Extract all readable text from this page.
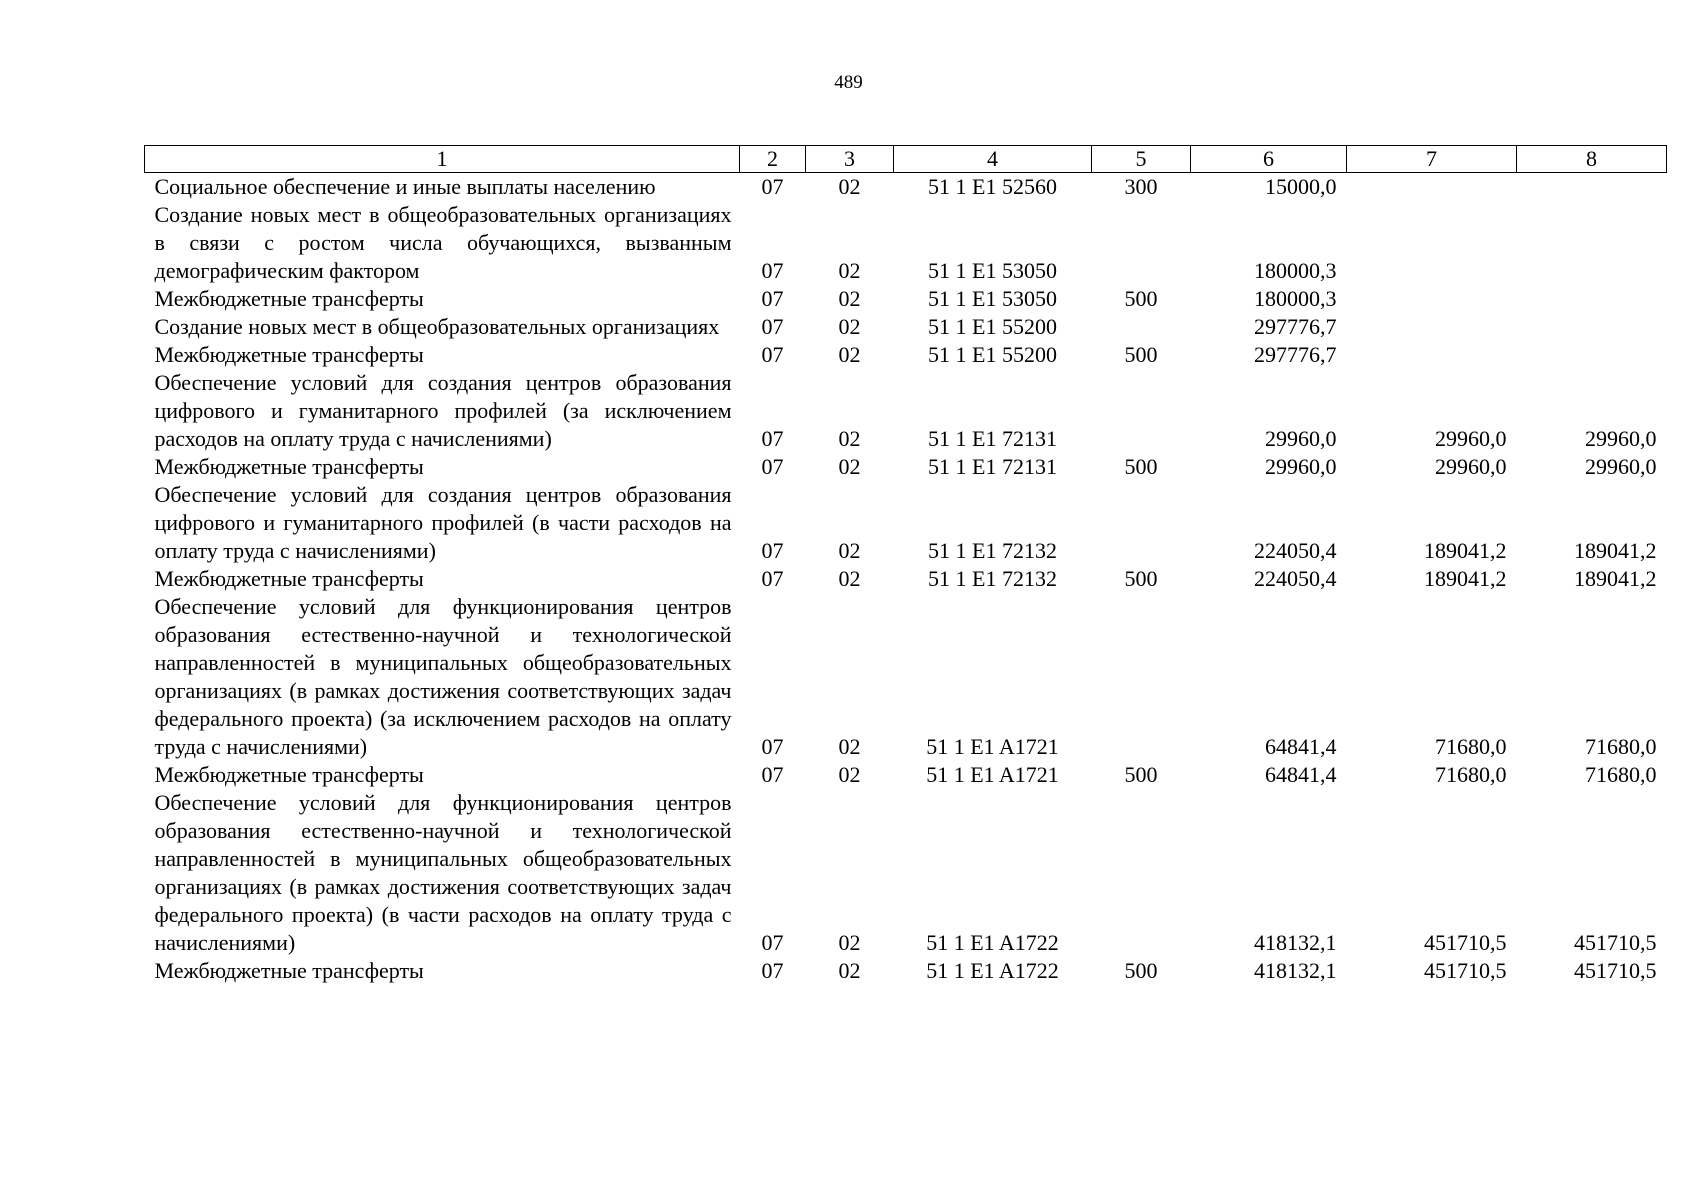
489
1	2	3	4	5	6	7	8
Социальное обеспечение и иные выплаты населению	07	02	51 1 E1 52560	300	15000,0		
Создание новых мест в общеобразовательных организациях в связи с ростом числа обучающихся, вызванным демографическим фактором	07	02	51 1 E1 53050		180000,3		
Межбюджетные трансферты	07	02	51 1 E1 53050	500	180000,3		
Создание новых мест в общеобразовательных организациях	07	02	51 1 E1 55200		297776,7		
Межбюджетные трансферты	07	02	51 1 E1 55200	500	297776,7		
Обеспечение условий для создания центров образования цифрового и гуманитарного профилей (за исключением расходов на оплату труда с начислениями)	07	02	51 1 E1 72131		29960,0	29960,0	29960,0
Межбюджетные трансферты	07	02	51 1 E1 72131	500	29960,0	29960,0	29960,0
Обеспечение условий для создания центров образования цифрового и гуманитарного профилей (в части расходов на оплату труда с начислениями)	07	02	51 1 E1 72132		224050,4	189041,2	189041,2
Межбюджетные трансферты	07	02	51 1 E1 72132	500	224050,4	189041,2	189041,2
Обеспечение условий для функционирования центров образования естественно-научной и технологической направленностей в муниципальных общеобразовательных организациях (в рамках достижения соответствующих задач федерального проекта) (за исключением расходов на оплату труда с начислениями)	07	02	51 1 E1 A1721		64841,4	71680,0	71680,0
Межбюджетные трансферты	07	02	51 1 E1 A1721	500	64841,4	71680,0	71680,0
Обеспечение условий для функционирования центров образования естественно-научной и технологической направленностей в муниципальных общеобразовательных организациях (в рамках достижения соответствующих задач федерального проекта) (в части расходов на оплату труда с начислениями)	07	02	51 1 E1 A1722		418132,1	451710,5	451710,5
Межбюджетные трансферты	07	02	51 1 E1 A1722	500	418132,1	451710,5	451710,5
